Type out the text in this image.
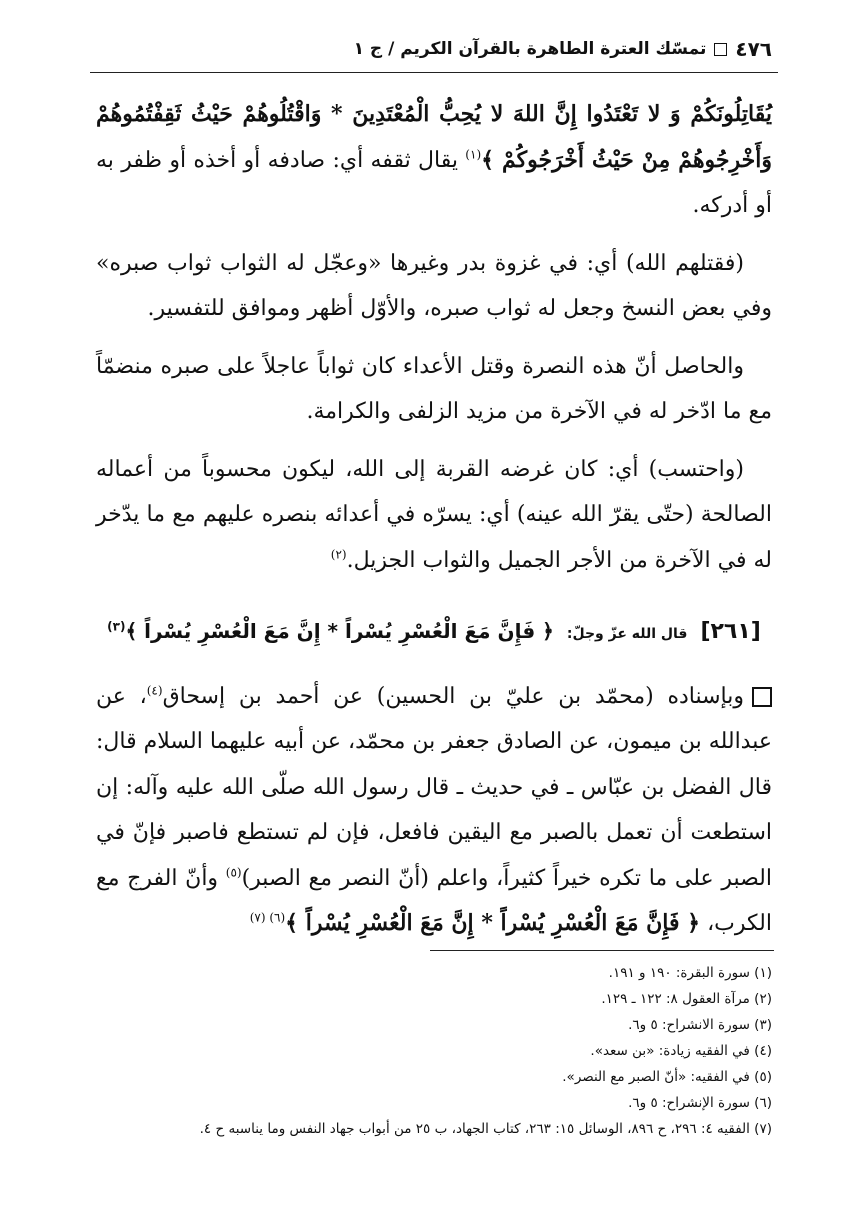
٤٧٦
تمسّك العترة الطاهرة بالقرآن الكريم / ج ١

يُقَاتِلُونَكُمْ وَ لا تَعْتَدُوا إِنَّ اللهَ لا يُحِبُّ الْمُعْتَدِينَ * وَاقْتُلُوهُمْ حَيْثُ ثَقِفْتُمُوهُمْ وَأَخْرِجُوهُمْ مِنْ حَيْثُ أَخْرَجُوكُمْ ﴾$^{(١)}$ يقال ثقفه أي: صادفه أو أخذه أو ظفر به أو أدركه.

(فقتلهم الله) أي: في غزوة بدر وغيرها «وعجّل له الثواب ثواب صبره» وفي بعض النسخ وجعل له ثواب صبره، والأوّل أظهر وموافق للتفسير.

والحاصل أنّ هذه النصرة وقتل الأعداء كان ثواباً عاجلاً على صبره منضمّاً مع ما ادّخر له في الآخرة من مزيد الزلفى والكرامة.

(واحتسب) أي: كان غرضه القربة إلى الله، ليكون محسوباً من أعماله الصالحة (حتّى يقرّ الله عينه) أي: يسرّه في أعدائه بنصره عليهم مع ما يدّخر له في الآخرة من الأجر الجميل والثواب الجزيل.$^{(٢)}$

[٢٦١] قال الله عزّ وجلّ: ﴿ فَإِنَّ مَعَ الْعُسْرِ يُسْراً * إِنَّ مَعَ الْعُسْرِ يُسْراً ﴾$^{(٣)}$

وبإسناده (محمّد بن عليّ بن الحسين) عن أحمد بن إسحاق$^{(٤)}$، عن عبدالله بن ميمون، عن الصادق جعفر بن محمّد، عن أبيه عليهما السلام قال: قال الفضل بن عبّاس ـ في حديث ـ قال رسول الله صلّى الله عليه وآله: إن استطعت أن تعمل بالصبر مع اليقين فافعل، فإن لم تستطع فاصبر فإنّ في الصبر على ما تكره خيراً كثيراً، واعلم (أنّ النصر مع الصبر)$^{(٥)}$ وأنّ الفرج مع الكرب، ﴿ فَإِنَّ مَعَ الْعُسْرِ يُسْراً * إِنَّ مَعَ الْعُسْرِ يُسْراً ﴾$^{(٦) (٧)}$

(١) سورة البقرة: ١٩٠ و ١٩١.
(٢) مرآة العقول ٨: ١٢٢ ـ ١٢٩.
(٣) سورة الانشراح: ٥ و٦.
(٤) في الفقيه زيادة: «بن سعد».
(٥) في الفقيه: «أنّ الصبر مع النصر».
(٦) سورة الإنشراح: ٥ و٦.
(٧) الفقيه ٤: ٢٩٦، ح ٨٩٦، الوسائل ١٥: ٢٦٣، كتاب الجهاد، ب ٢٥ من أبواب جهاد النفس وما يناسبه ح ٤.
